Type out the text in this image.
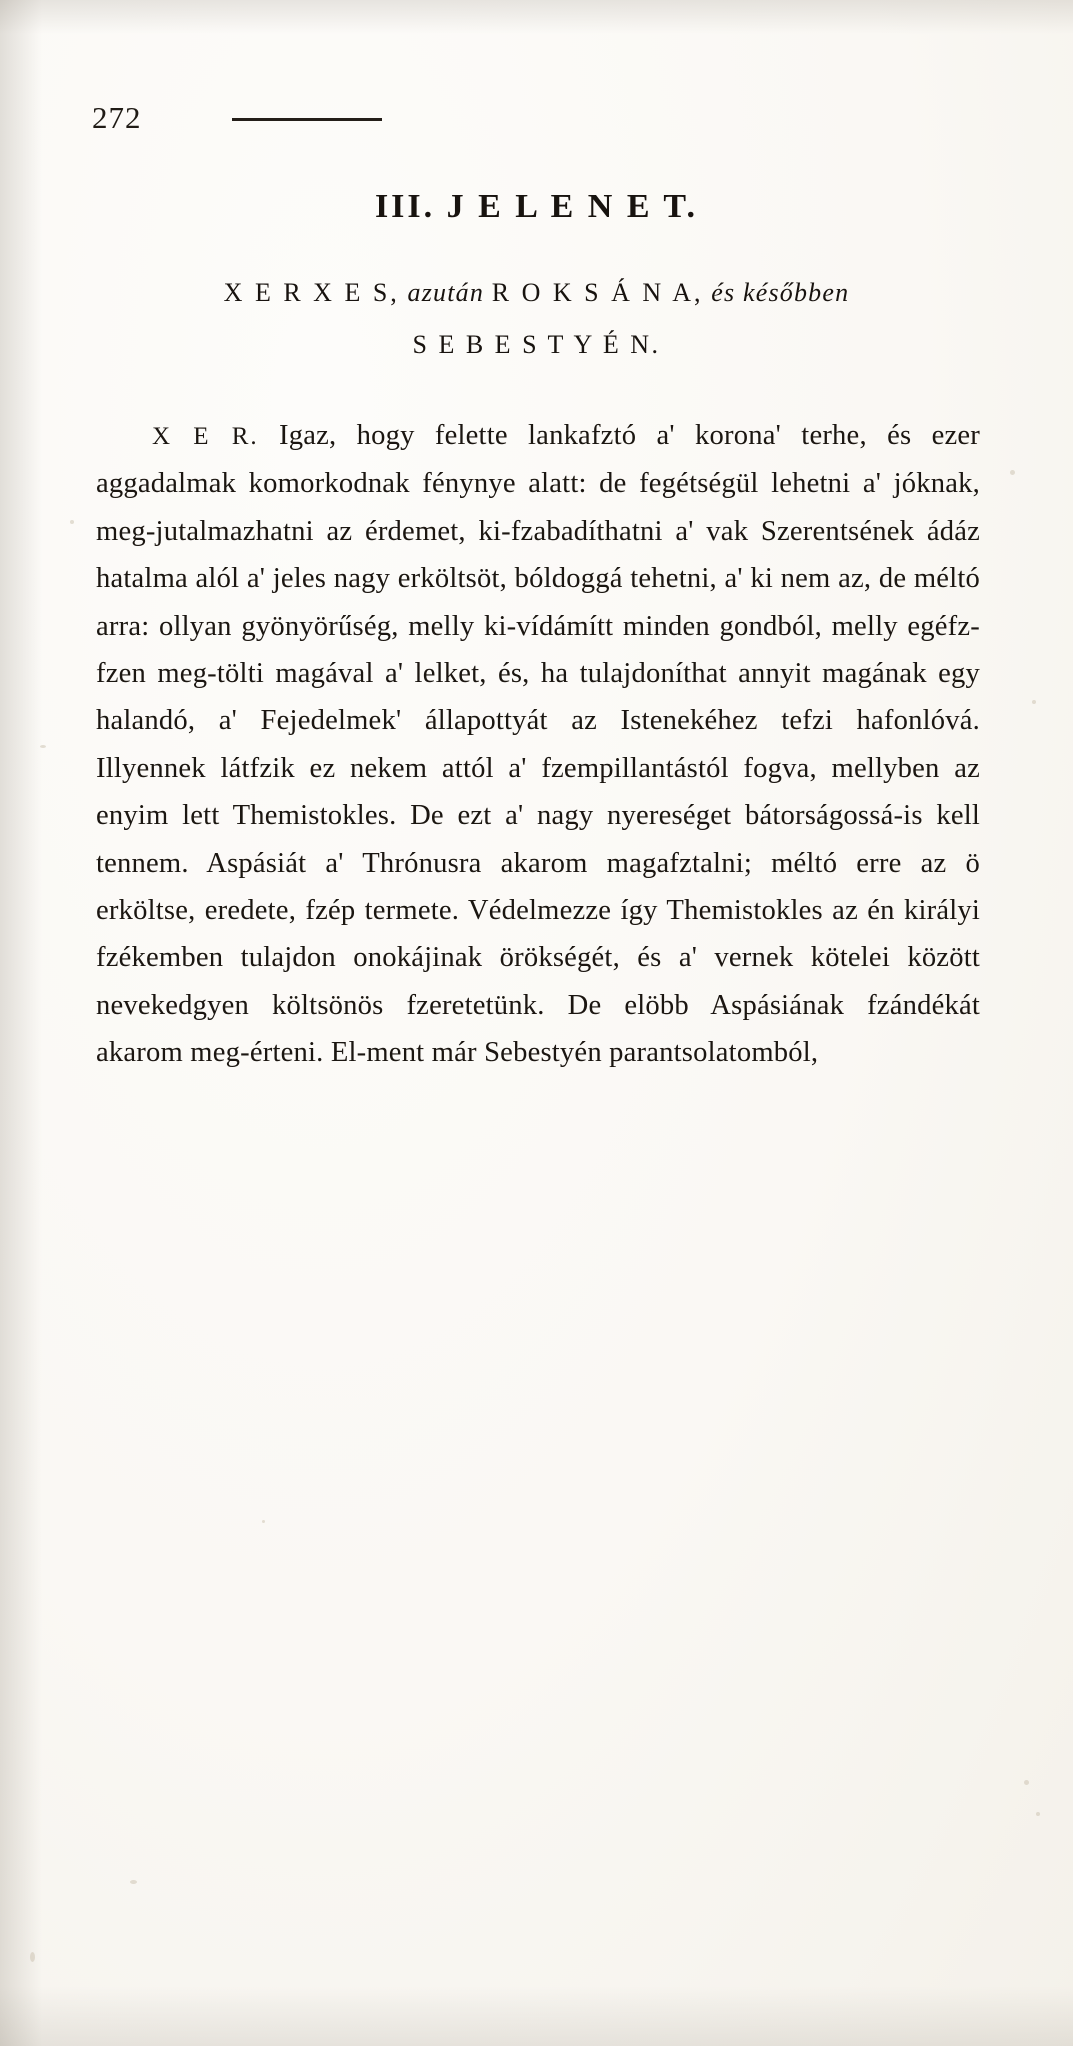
272
III. J E L E N E T.
X E R X E S, azután R O K S Á N A, és későbben
S E B E S T Y É N.

X E R. Igaz, hogy felette lankafztó a' korona' terhe, és ezer aggadalmak komorkodnak fénynye alatt: de fegétségül lehetni a' jóknak, meg-jutalmazhatni az érdemet, ki-fzabadíthatni a' vak Szerentsének ádáz hatalma alól a' jeles nagy erköltsöt, bóldoggá tehetni, a' ki nem az, de méltó arra: ollyan gyönyörűség, melly ki-vídámítt minden gondból, melly egéfz-fzen meg-tölti magával a' lelket, és, ha tulajdoníthat annyit magának egy halandó, a' Fejedelmek' állapottyát az Istenekéhez tefzi hafonlóvá. Illyennek látfzik ez nekem attól a' fzempillantástól fogva, mellyben az enyim lett Themistokles. De ezt a' nagy nyereséget bátorságossá-is kell tennem. Aspásiát a' Thrónusra akarom magafztalni; méltó erre az ö erköltse, eredete, fzép termete. Védelmezze így Themistokles az én királyi fzékemben tulajdon onokájinak örökségét, és a' vernek kötelei között nevekedgyen költsönös fzeretetünk. De elöbb Aspásiának fzándékát akarom meg-érteni. El-ment már Sebestyén parantsolatomból,
